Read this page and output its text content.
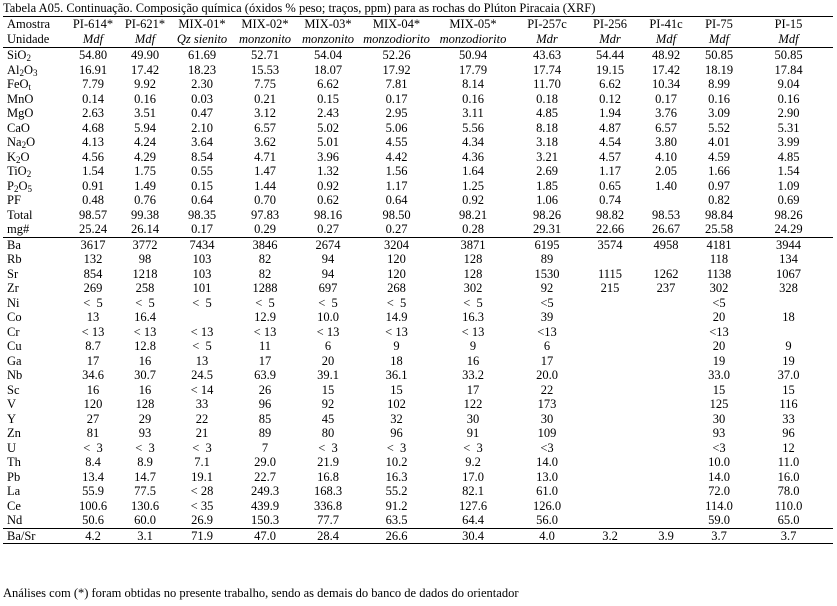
Tabela A05. Continuação. Composição química (óxidos % peso; traços, ppm) para as rochas do Plúton Piracaia (XRF)
Amostra	PI-614*	PI-621*	MIX-01*	MIX-02*	MIX-03*	MIX-04*	MIX-05*	PI-257c	PI-256	PI-41c	PI-75	PI-15
Unidade	Mdf	Mdf	Qz sienito	monzonito	monzonito	monzodiorito	monzodiorito	Mdr	Mdr	Mdf	Mdf	Mdf
SiO$_2$	54.80	49.90	61.69	52.71	54.04	52.26	50.94	43.63	54.44	48.92	50.85	50.85
$Al_2O_3$	16.91	17.42	18.23	15.53	18.07	17.92	17.79	17.74	19.15	17.42	18.19	17.84
FeO$_t$	7.79	9.92	2.30	7.75	6.62	7.81	8.14	11.70	6.62	10.34	8.99	9.04
MnO	0.14	0.16	0.03	0.21	0.15	0.17	0.16	0.18	0.12	0.17	0.16	0.16
MgO	2.63	3.51	0.47	3.12	2.43	2.95	3.11	4.85	1.94	3.76	3.09	2.90
CaO	4.68	5.94	2.10	6.57	5.02	5.06	5.56	8.18	4.87	6.57	5.52	5.31
$Na_2O$	4.13	4.24	3.64	3.62	5.01	4.55	4.34	3.18	4.54	3.80	4.01	3.99
$K_2O$	4.56	4.29	8.54	4.71	3.96	4.42	4.36	3.21	4.57	4.10	4.59	4.85
TiO$_2$	1.54	1.75	0.55	1.47	1.32	1.56	1.64	2.69	1.17	2.05	1.66	1.54
$P_2O_5$	0.91	1.49	0.15	1.44	0.92	1.17	1.25	1.85	0.65	1.40	0.97	1.09
PF	0.48	0.76	0.64	0.70	0.62	0.64	0.92	1.06	0.74		0.82	0.69
Total	98.57	99.38	98.35	97.83	98.16	98.50	98.21	98.26	98.82	98.53	98.84	98.26
mg#	25.24	26.14	0.17	0.29	0.27	0.27	0.28	29.31	22.66	26.67	25.58	24.29
Ba	3617	3772	7434	3846	2674	3204	3871	6195	3574	4958	4181	3944
Rb	132	98	103	82	94	120	128	89			118	134
Sr	854	1218	103	82	94	120	128	1530	1115	1262	1138	1067
Zr	269	258	101	1288	697	268	302	92	215	237	302	328
Ni	<  5	<  5	<  5	<  5	<  5	<  5	<  5	<5			<5	
Co	13	16.4		12.9	10.0	14.9	16.3	39			20	18
Cr	< 13	< 13	< 13	< 13	< 13	< 13	< 13	<13			<13	
Cu	8.7	12.8	<  5	11	6	9	9	6			20	9
Ga	17	16	13	17	20	18	16	17			19	19
Nb	34.6	30.7	24.5	63.9	39.1	36.1	33.2	20.0			33.0	37.0
Sc	16	16	< 14	26	15	15	17	22			15	15
V	120	128	33	96	92	102	122	173			125	116
Y	27	29	22	85	45	32	30	30			30	33
Zn	81	93	21	89	80	96	91	109			93	96
U	<  3	<  3	<  3	7	<  3	<  3	<  3	<3			<3	12
Th	8.4	8.9	7.1	29.0	21.9	10.2	9.2	14.0			10.0	11.0
Pb	13.4	14.7	19.1	22.7	16.8	16.3	17.0	13.0			14.0	16.0
La	55.9	77.5	< 28	249.3	168.3	55.2	82.1	61.0			72.0	78.0
Ce	100.6	130.6	< 35	439.9	336.8	91.2	127.6	126.0			114.0	110.0
Nd	50.6	60.0	26.9	150.3	77.7	63.5	64.4	56.0			59.0	65.0
Ba/Sr	4.2	3.1	71.9	47.0	28.4	26.6	30.4	4.0	3.2	3.9	3.7	3.7
Análises com (*) foram obtidas no presente trabalho, sendo as demais do banco de dados do orientador
